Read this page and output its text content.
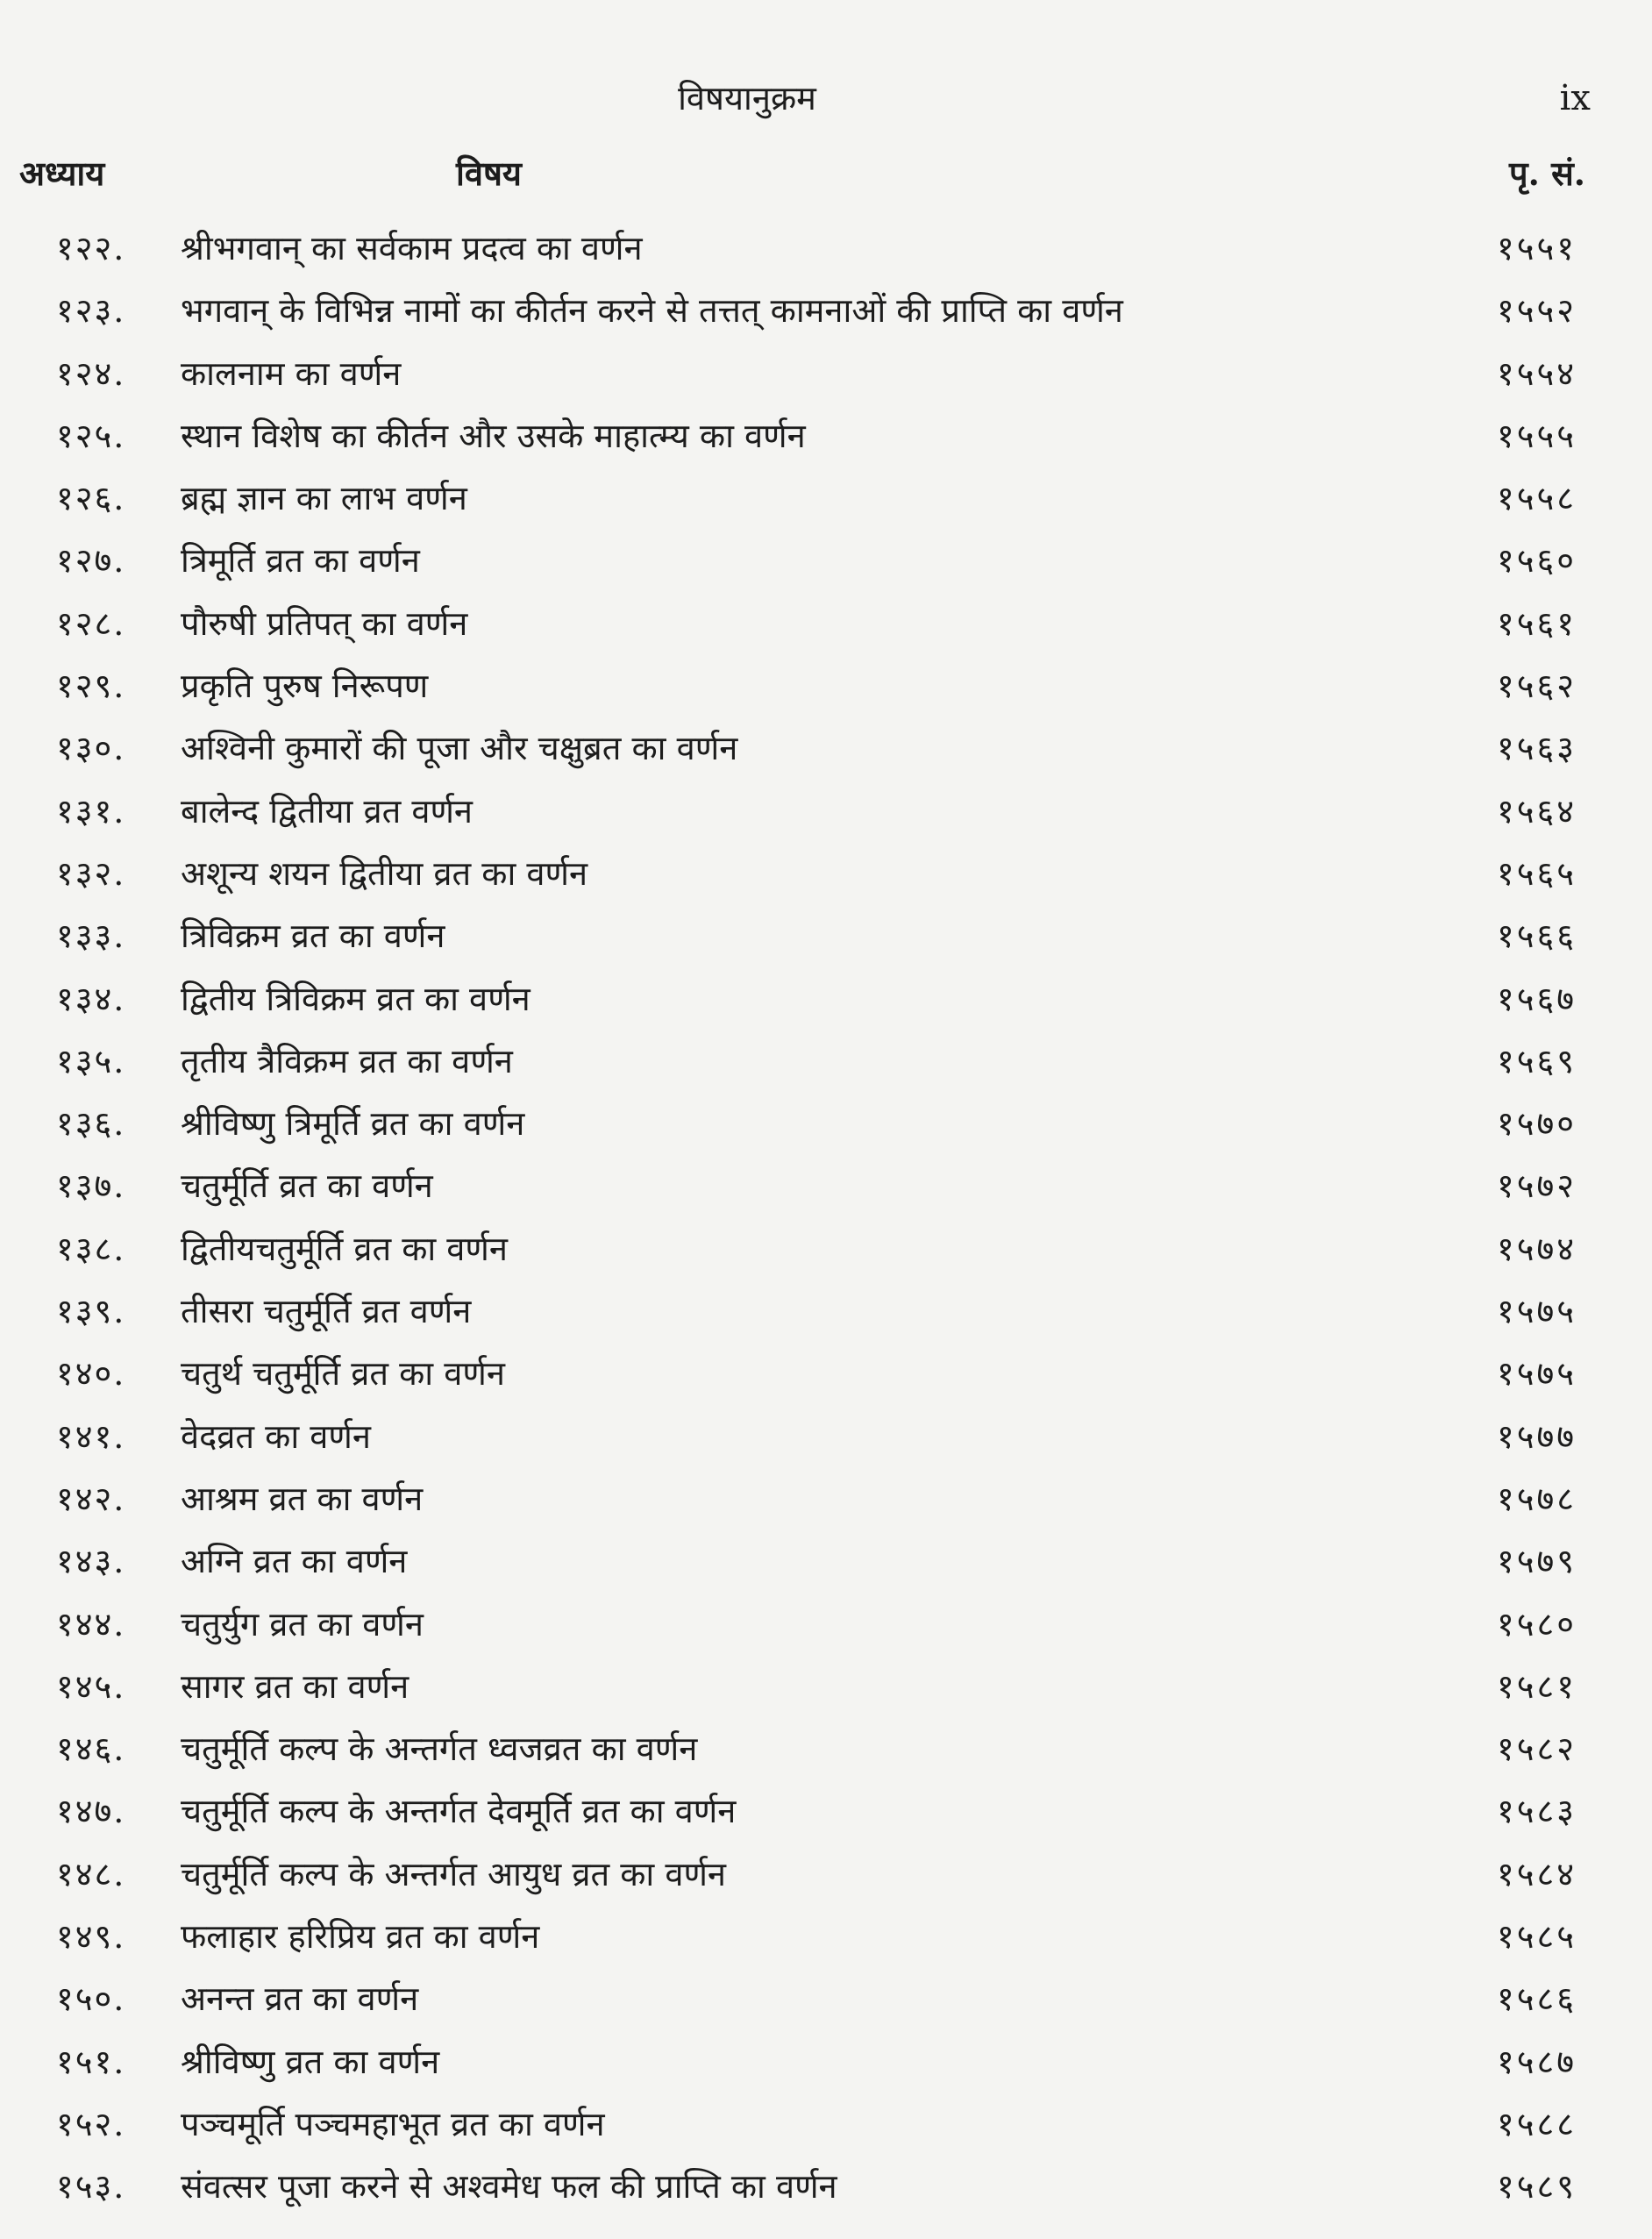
विषयानुक्रम	ix
अध्याय	विषय	पृ. सं.
१२२. श्रीभगवान् का सर्वकाम प्रदत्व का वर्णन	१५५१
१२३. भगवान् के विभिन्न नामों का कीर्तन करने से तत्तत् कामनाओं की प्राप्ति का वर्णन	१५५२
१२४. कालनाम का वर्णन	१५५४
१२५. स्थान विशेष का कीर्तन और उसके माहात्म्य का वर्णन	१५५५
१२६. ब्रह्म ज्ञान का लाभ वर्णन	१५५८
१२७. त्रिमूर्ति व्रत का वर्णन	१५६०
१२८. पौरुषी प्रतिपत् का वर्णन	१५६१
१२९. प्रकृति पुरुष निरूपण	१५६२
१३०. अश्विनी कुमारों की पूजा और चक्षुब्रत का वर्णन	१५६३
१३१. बालेन्द द्वितीया व्रत वर्णन	१५६४
१३२. अशून्य शयन द्वितीया व्रत का वर्णन	१५६५
१३३. त्रिविक्रम व्रत का वर्णन	१५६६
१३४. द्वितीय त्रिविक्रम व्रत का वर्णन	१५६७
१३५. तृतीय त्रैविक्रम व्रत का वर्णन	१५६९
१३६. श्रीविष्णु त्रिमूर्ति व्रत का वर्णन	१५७०
१३७. चतुर्मूर्ति व्रत का वर्णन	१५७२
१३८. द्वितीयचतुर्मूर्ति व्रत का वर्णन	१५७४
१३९. तीसरा चतुर्मूर्ति व्रत वर्णन	१५७५
१४०. चतुर्थ चतुर्मूर्ति व्रत का वर्णन	१५७५
१४१. वेदव्रत का वर्णन	१५७७
१४२. आश्रम व्रत का वर्णन	१५७८
१४३. अग्नि व्रत का वर्णन	१५७९
१४४. चतुर्युग व्रत का वर्णन	१५८०
१४५. सागर व्रत का वर्णन	१५८१
१४६. चतुर्मूर्ति कल्प के अन्तर्गत ध्वजव्रत का वर्णन	१५८२
१४७. चतुर्मूर्ति कल्प के अन्तर्गत देवमूर्ति व्रत का वर्णन	१५८३
१४८. चतुर्मूर्ति कल्प के अन्तर्गत आयुध व्रत का वर्णन	१५८४
१४९. फलाहार हरिप्रिय व्रत का वर्णन	१५८५
१५०. अनन्त व्रत का वर्णन	१५८६
१५१. श्रीविष्णु व्रत का वर्णन	१५८७
१५२. पञ्चमूर्ति पञ्चमहाभूत व्रत का वर्णन	१५८८
१५३. संवत्सर पूजा करने से अश्वमेध फल की प्राप्ति का वर्णन	१५८९
